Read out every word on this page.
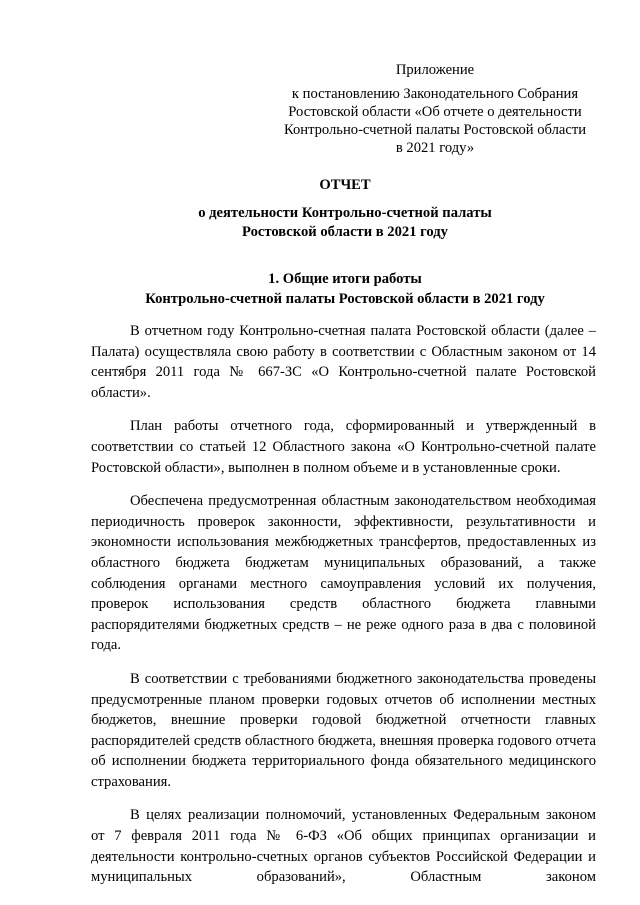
Приложение
к постановлению Законодательного Собрания
Ростовской области «Об отчете о деятельности
Контрольно-счетной палаты Ростовской области
в 2021 году»
ОТЧЕТ
о деятельности Контрольно-счетной палаты
Ростовской области в 2021 году
1. Общие итоги работы
Контрольно-счетной палаты Ростовской области в 2021 году

В отчетном году Контрольно-счетная палата Ростовской области (далее – Палата) осуществляла свою работу в соответствии с Областным законом от 14 сентября 2011 года № 667-ЗС «О Контрольно-счетной палате Ростовской области».

План работы отчетного года, сформированный и утвержденный в соответствии со статьей 12 Областного закона «О Контрольно-счетной палате Ростовской области», выполнен в полном объеме и в установленные сроки.

Обеспечена предусмотренная областным законодательством необходимая периодичность проверок законности, эффективности, результативности и экономности использования межбюджетных трансфертов, предоставленных из областного бюджета бюджетам муниципальных образований, а также соблюдения органами местного самоуправления условий их получения, проверок использования средств областного бюджета главными распорядителями бюджетных средств – не реже одного раза в два с половиной года.

В соответствии с требованиями бюджетного законодательства проведены предусмотренные планом проверки годовых отчетов об исполнении местных бюджетов, внешние проверки годовой бюджетной отчетности главных распорядителей средств областного бюджета, внешняя проверка годового отчета об исполнении бюджета территориального фонда обязательного медицинского страхования.

В целях реализации полномочий, установленных Федеральным законом от 7 февраля 2011 года № 6-ФЗ «Об общих принципах организации и деятельности контрольно-счетных органов субъектов Российской Федерации и муниципальных образований», Областным законом
